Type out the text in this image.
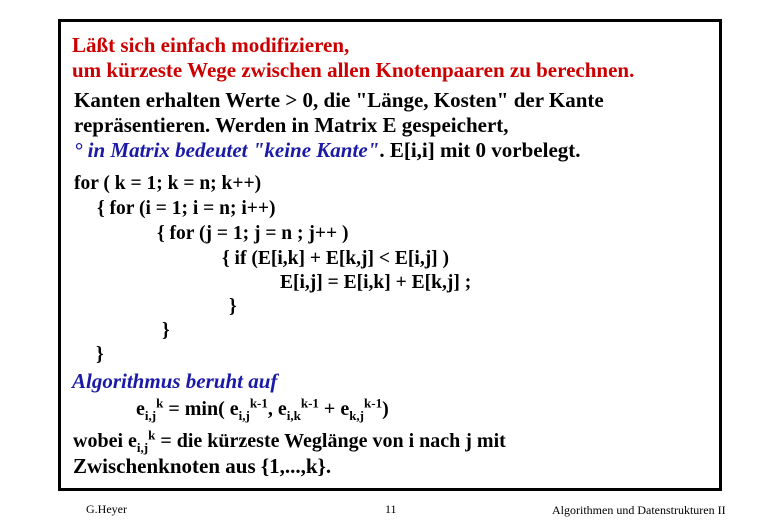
Läßt sich einfach modifizieren,
um kürzeste Wege zwischen allen Knotenpaaren zu berechnen.
Kanten erhalten Werte > 0, die "Länge, Kosten" der Kante
repräsentieren. Werden in Matrix E gespeichert,
° in Matrix bedeutet "keine Kante". E[i,i] mit 0 vorbelegt.
for ( k = 1; k = n; k++)
{ for (i = 1; i = n; i++)
{ for (j = 1; j = n ; j++ )
{ if (E[i,k] + E[k,j] < E[i,j] )
E[i,j] = E[i,k] + E[k,j] ;
}
}
}
Algorithmus beruht auf
$e_{i,j}^k = \min$( $e_{i,j}^{k-1}$, $e_{i,k}^{k-1} + e_{k,j}^{k-1}$)
wobei $e_{i,j}^k$ = die kürzeste Weglänge von i nach j mit
Zwischenknoten aus {1,...,k}.
G.Heyer	11	Algorithmen und Datenstrukturen II
